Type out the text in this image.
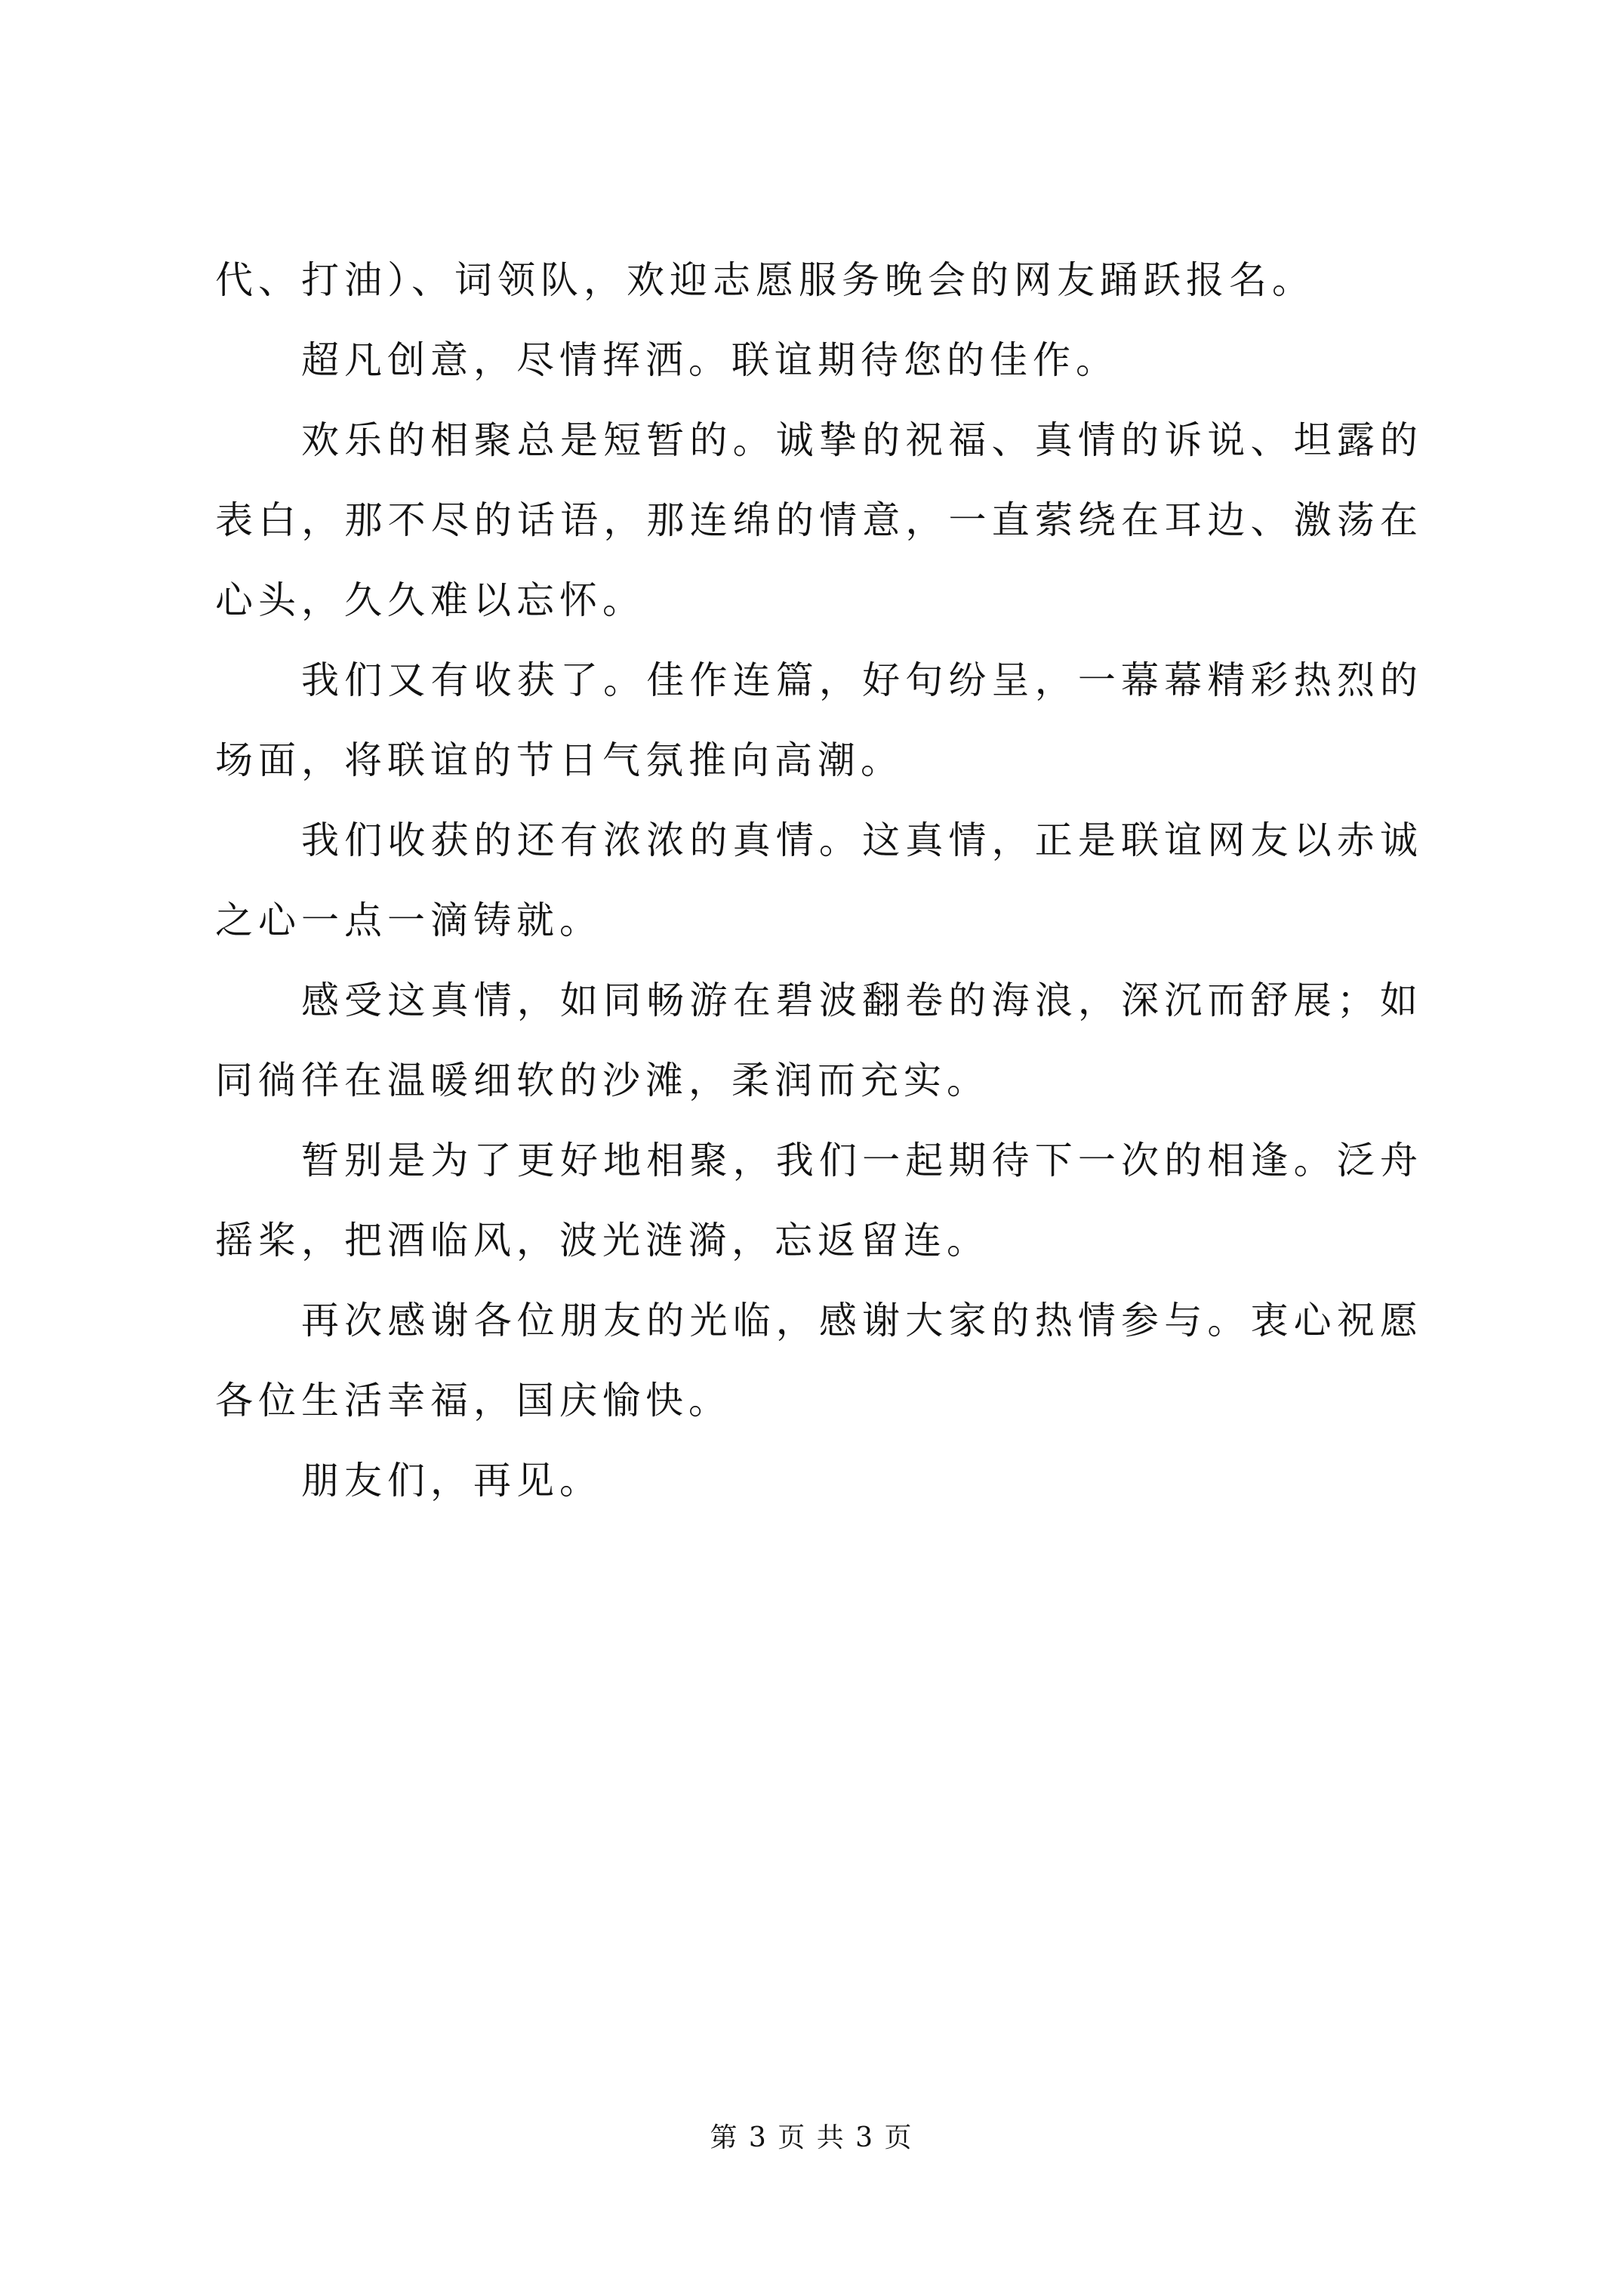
代、打油）、词领队，欢迎志愿服务晚会的网友踊跃报名。

超凡创意，尽情挥洒。联谊期待您的佳作。

欢乐的相聚总是短暂的。诚挚的祝福、真情的诉说、坦露的表白，那不尽的话语，那连绵的情意，一直萦绕在耳边、激荡在心头，久久难以忘怀。

我们又有收获了。佳作连篇，好句纷呈，一幕幕精彩热烈的场面，将联谊的节日气氛推向高潮。

我们收获的还有浓浓的真情。这真情，正是联谊网友以赤诚之心一点一滴铸就。

感受这真情，如同畅游在碧波翻卷的海浪，深沉而舒展；如同徜徉在温暖细软的沙滩，柔润而充实。

暂别是为了更好地相聚，我们一起期待下一次的相逢。泛舟摇桨，把酒临风，波光涟漪，忘返留连。

再次感谢各位朋友的光临，感谢大家的热情参与。衷心祝愿各位生活幸福，国庆愉快。

朋友们，再见。

第 3 页 共 3 页
